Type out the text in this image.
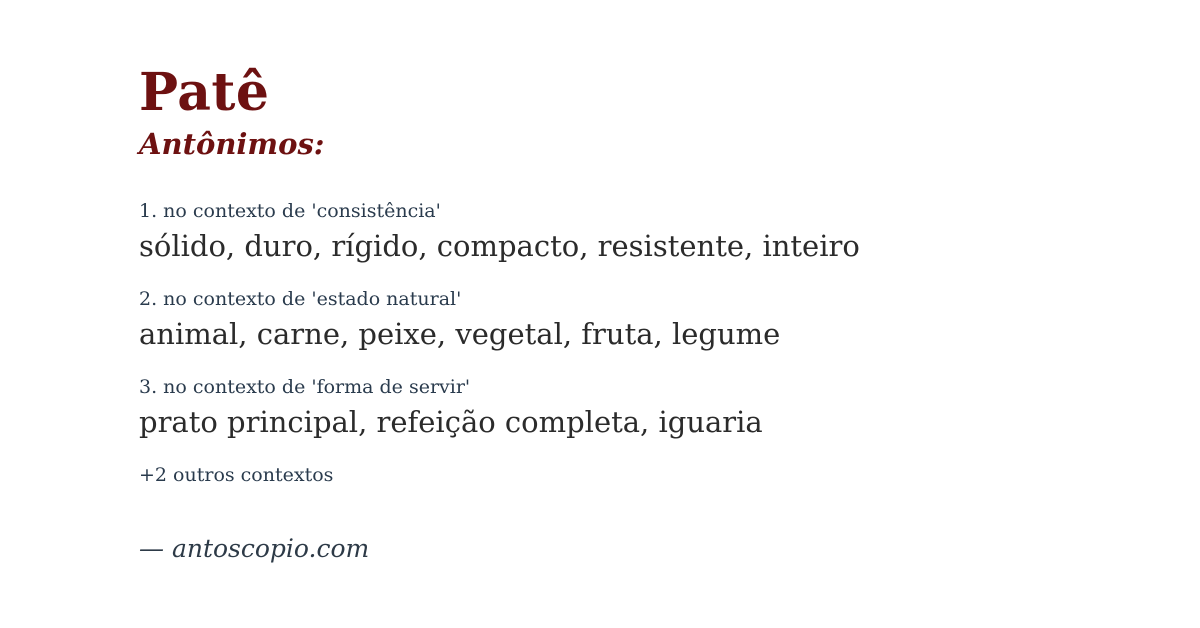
Patê
Antônimos:
1. no contexto de 'consistência'
sólido, duro, rígido, compacto, resistente, inteiro
2. no contexto de 'estado natural'
animal, carne, peixe, vegetal, fruta, legume
3. no contexto de 'forma de servir'
prato principal, refeição completa, iguaria
+2 outros contextos
— antoscopio.com
